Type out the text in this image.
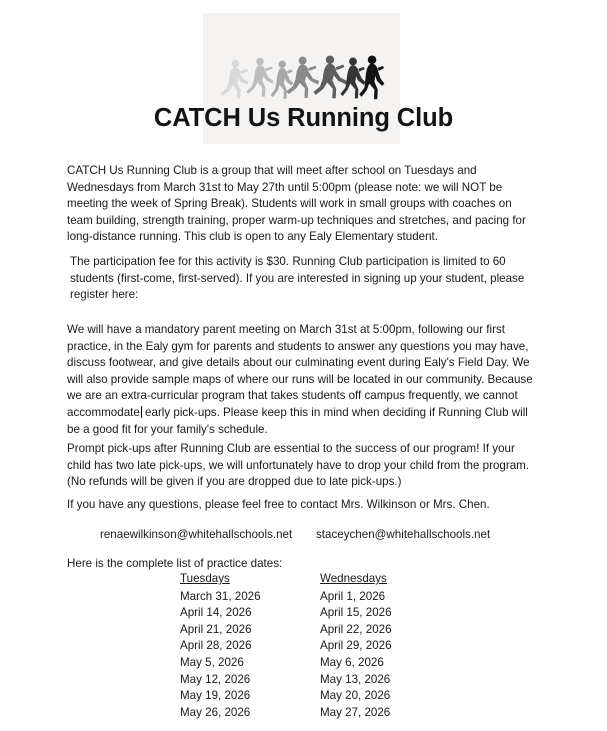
CATCH Us Running Club

CATCH Us Running Club is a group that will meet after school on Tuesdays and Wednesdays from March 31st to May 27th until 5:00pm (please note: we will NOT be meeting the week of Spring Break). Students will work in small groups with coaches on team building, strength training, proper warm-up techniques and stretches, and pacing for long-distance running. This club is open to any Ealy Elementary student.

The participation fee for this activity is $30. Running Club participation is limited to 60 students (first-come, first-served). If you are interested in signing up your student, please register here:

We will have a mandatory parent meeting on March 31st at 5:00pm, following our first practice, in the Ealy gym for parents and students to answer any questions you may have, discuss footwear, and give details about our culminating event during Ealy's Field Day. We will also provide sample maps of where our runs will be located in our community. Because we are an extra-curricular program that takes students off campus frequently, we cannot accommodate early pick-ups. Please keep this in mind when deciding if Running Club will be a good fit for your family's schedule.

Prompt pick-ups after Running Club are essential to the success of our program! If your child has two late pick-ups, we will unfortunately have to drop your child from the program. (No refunds will be given if you are dropped due to late pick-ups.)

If you have any questions, please feel free to contact Mrs. Wilkinson or Mrs. Chen.

renaewilkinson@whitehallschools.net staceychen@whitehallschools.net
Here is the complete list of practice dates:
Tuesdays	Wednesdays
March 31, 2026	April 1, 2026
April 14, 2026	April 15, 2026
April 21, 2026	April 22, 2026
April 28, 2026	April 29, 2026
May 5, 2026	May 6, 2026
May 12, 2026	May 13, 2026
May 19, 2026	May 20, 2026
May 26, 2026	May 27, 2026
